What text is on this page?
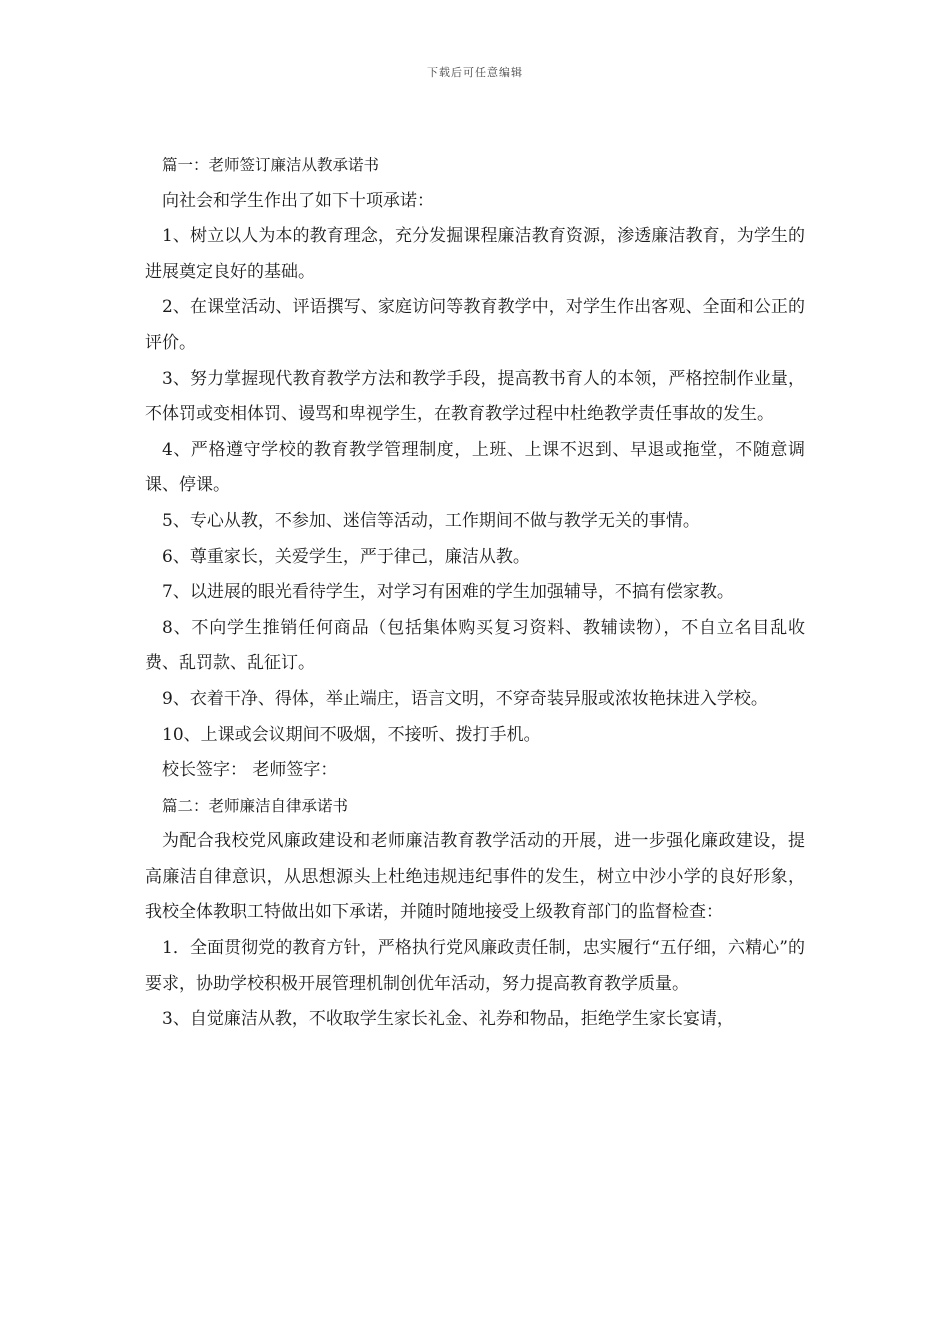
下载后可任意编辑

篇一：老师签订廉洁从教承诺书

向社会和学生作出了如下十项承诺：

1、树立以人为本的教育理念，充分发掘课程廉洁教育资源，渗透廉洁教育，为学生的进展奠定良好的基础。

2、在课堂活动、评语撰写、家庭访问等教育教学中，对学生作出客观、全面和公正的评价。

3、努力掌握现代教育教学方法和教学手段，提高教书育人的本领，严格控制作业量，不体罚或变相体罚、谩骂和卑视学生，在教育教学过程中杜绝教学责任事故的发生。

4、严格遵守学校的教育教学管理制度，上班、上课不迟到、早退或拖堂，不随意调课、停课。

5、专心从教，不参加、迷信等活动，工作期间不做与教学无关的事情。

6、尊重家长，关爱学生，严于律己，廉洁从教。

7、以进展的眼光看待学生，对学习有困难的学生加强辅导，不搞有偿家教。

8、不向学生推销任何商品（包括集体购买复习资料、教辅读物），不自立名目乱收费、乱罚款、乱征订。

9、衣着干净、得体，举止端庄，语言文明，不穿奇装异服或浓妆艳抹进入学校。

10、上课或会议期间不吸烟，不接听、拨打手机。

校长签字： 老师签字：

篇二：老师廉洁自律承诺书

为配合我校党风廉政建设和老师廉洁教育教学活动的开展，进一步强化廉政建设，提高廉洁自律意识，从思想源头上杜绝违规违纪事件的发生，树立中沙小学的良好形象，我校全体教职工特做出如下承诺，并随时随地接受上级教育部门的监督检查：

1．全面贯彻党的教育方针，严格执行党风廉政责任制，忠实履行“五仔细，六精心”的要求，协助学校积极开展管理机制创优年活动，努力提高教育教学质量。

3、自觉廉洁从教，不收取学生家长礼金、礼券和物品，拒绝学生家长宴请，
